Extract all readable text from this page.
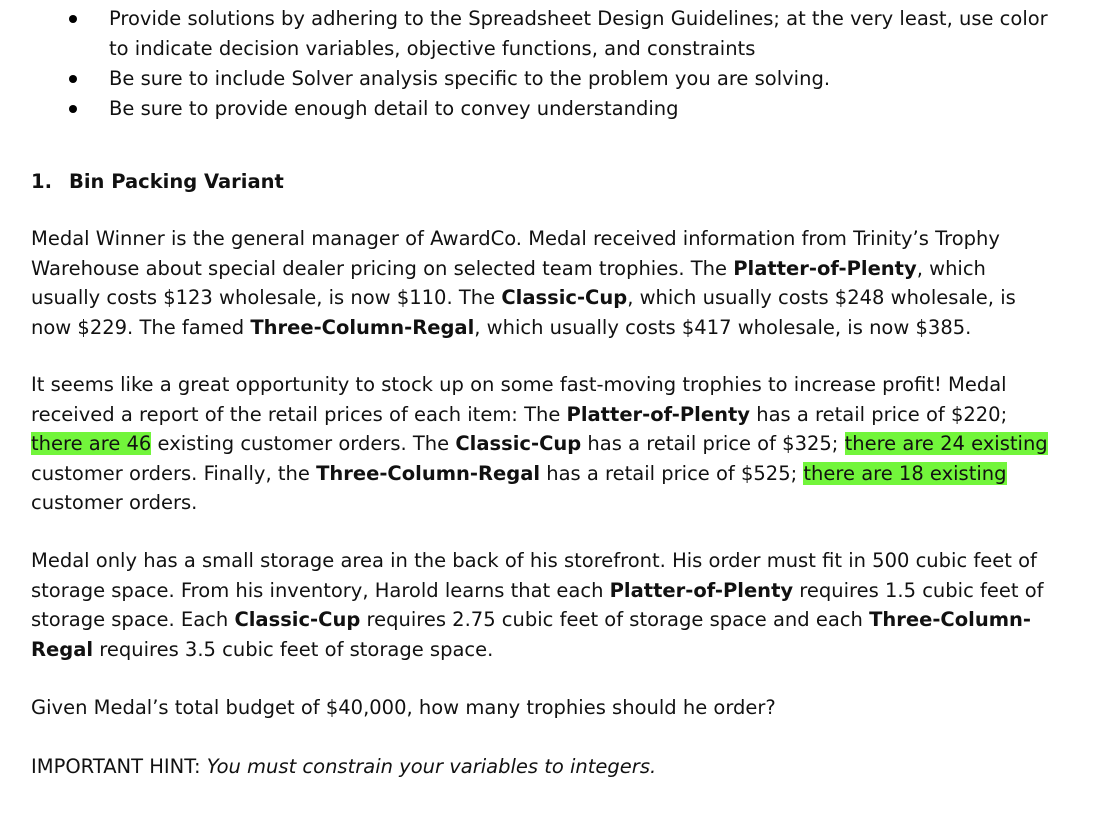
Provide solutions by adhering to the Spreadsheet Design Guidelines; at the very least, use color
to indicate decision variables, objective functions, and constraints
Be sure to include Solver analysis specific to the problem you are solving.
Be sure to provide enough detail to convey understanding
1. Bin Packing Variant

Medal Winner is the general manager of AwardCo. Medal received information from Trinity’s Trophy Warehouse about special dealer pricing on selected team trophies. The Platter-of-Plenty, which usually costs $123 wholesale, is now $110. The Classic-Cup, which usually costs $248 wholesale, is now $229. The famed Three-Column-Regal, which usually costs $417 wholesale, is now $385.

It seems like a great opportunity to stock up on some fast-moving trophies to increase profit! Medal received a report of the retail prices of each item: The Platter-of-Plenty has a retail price of $220; there are 46 existing customer orders. The Classic-Cup has a retail price of $325; there are 24 existing customer orders. Finally, the Three-Column-Regal has a retail price of $525; there are 18 existing customer orders.

Medal only has a small storage area in the back of his storefront. His order must fit in 500 cubic feet of storage space. From his inventory, Harold learns that each Platter-of-Plenty requires 1.5 cubic feet of storage space. Each Classic-Cup requires 2.75 cubic feet of storage space and each Three-Column-Regal requires 3.5 cubic feet of storage space.

Given Medal’s total budget of $40,000, how many trophies should he order?

IMPORTANT HINT: You must constrain your variables to integers.
